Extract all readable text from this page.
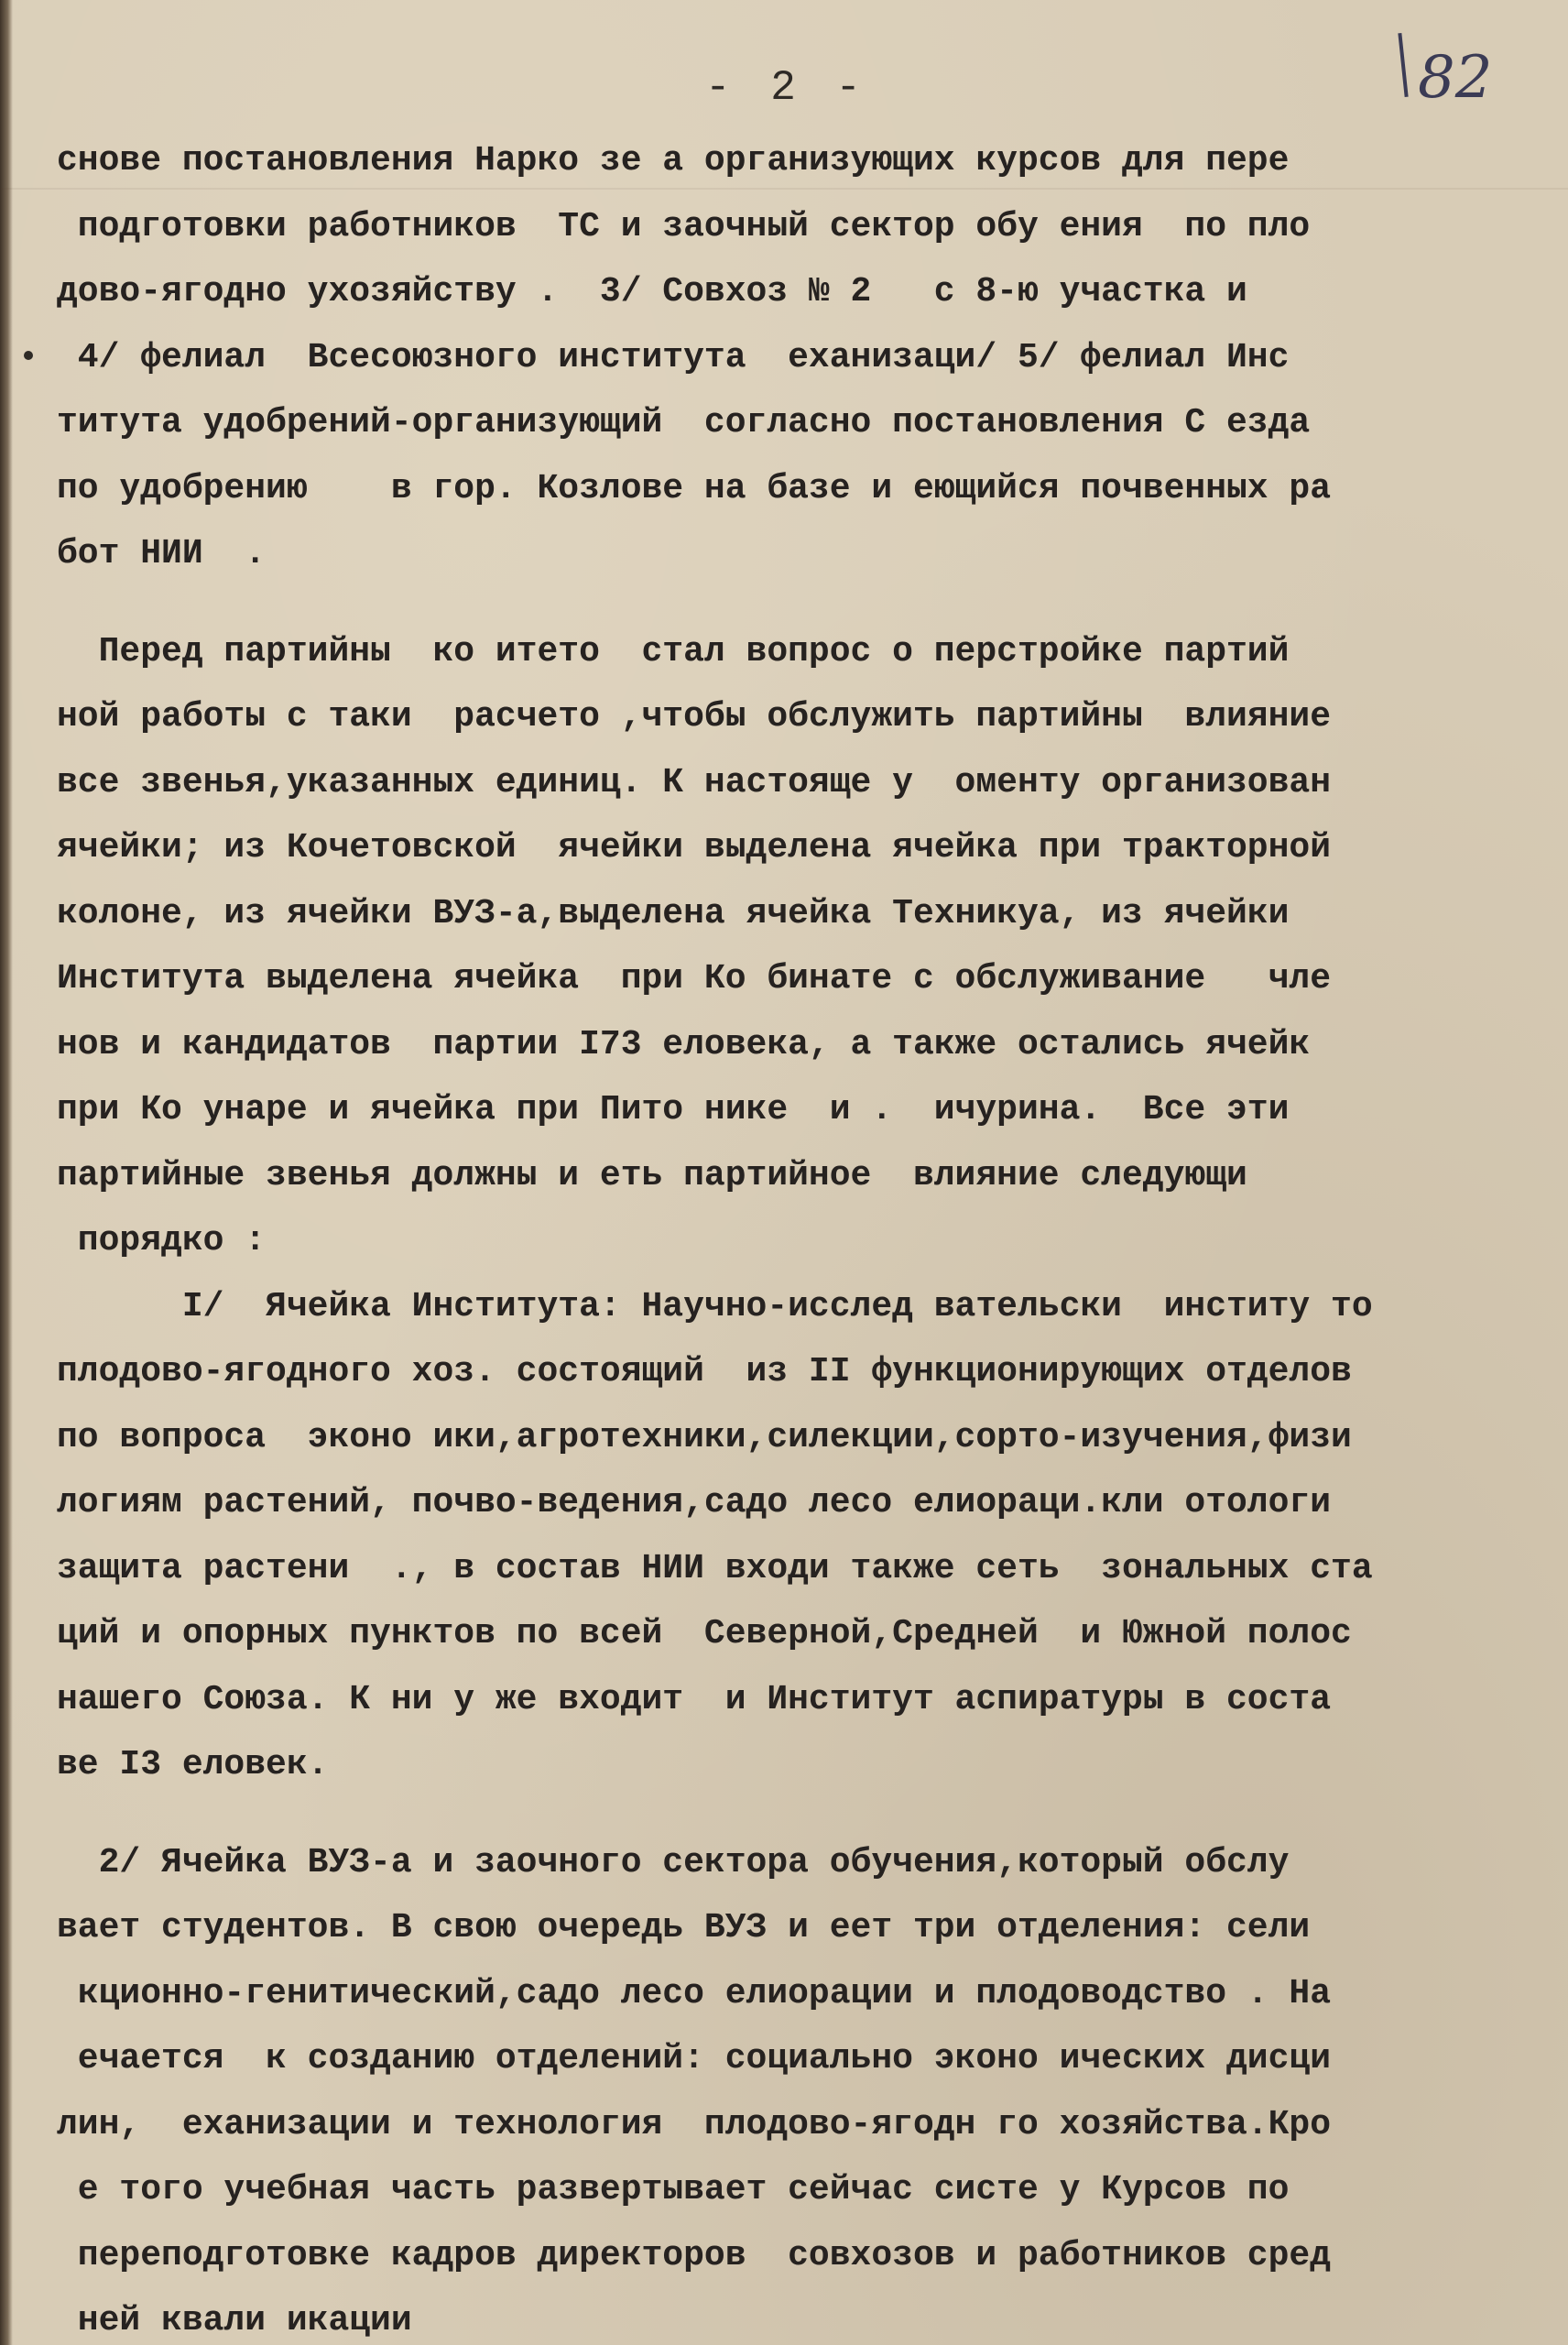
- 2 -	82
снове постановления Нарко зе а организующих курсов для пере
подготовки работников  ТС и заочный сектор обу ения  по пло
дово-ягодно ухозяйству .  3/ Совхоз № 2   с 8-ю участка и
4/ фелиал  Всесоюзного института  еханизаци/ 5/ фелиал Инс
титута удобрений-организующий  согласно постановления С езда
по удобрению    в гор. Козлове на базе и еющийся почвенных ра
бот НИИ  .
Перед партийны  ко итето  стал вопрос о перстройке партий
ной работы с таки  расчето ,чтобы обслужить партийны  влияние
все звенья,указанных единиц. К настояще у  оменту организован
ячейки; из Кочетовской  ячейки выделена ячейка при тракторной
колоне, из ячейки ВУЗ-а,выделена ячейка Техникуа, из ячейки
Института выделена ячейка  при Ко бинате с обслуживание   чле
нов и кандидатов  партии I73 еловека, а также остались ячейк
при Ко унаре и ячейка при Пито нике  и .  ичурина.  Все эти
партийные звенья должны и еть партийное  влияние следующи
порядко :
I/  Ячейка Института: Научно-исслед вательски  институ то
плодово-ягодного хоз. состоящий  из II функционирующих отделов
по вопроса  эконо ики,агротехники,силекции,сорто-изучения,физи
логиям растений, почво-ведения,садо лесо елиораци.кли отологи
защита растени  ., в состав НИИ входи также сеть  зональных ста
ций и опорных пунктов по всей  Северной,Средней  и Южной полос
нашего Союза. К ни у же входит  и Институт аспиратуры в соста
ве I3 еловек.
2/ Ячейка ВУЗ-а и заочного сектора обучения,который обслу
вает студентов. В свою очередь ВУЗ и еет три отделения: сели
кционно-генитический,садо лесо елиорации и плодоводство . На
ечается  к созданию отделений: социально эконо ических дисци
лин,  еханизации и технология  плодово-ягодн го хозяйства.Кро
е того учебная часть развертывает сейчас систе у Курсов по
переподготовке кадров директоров  совхозов и работников сред
ней квали икации
